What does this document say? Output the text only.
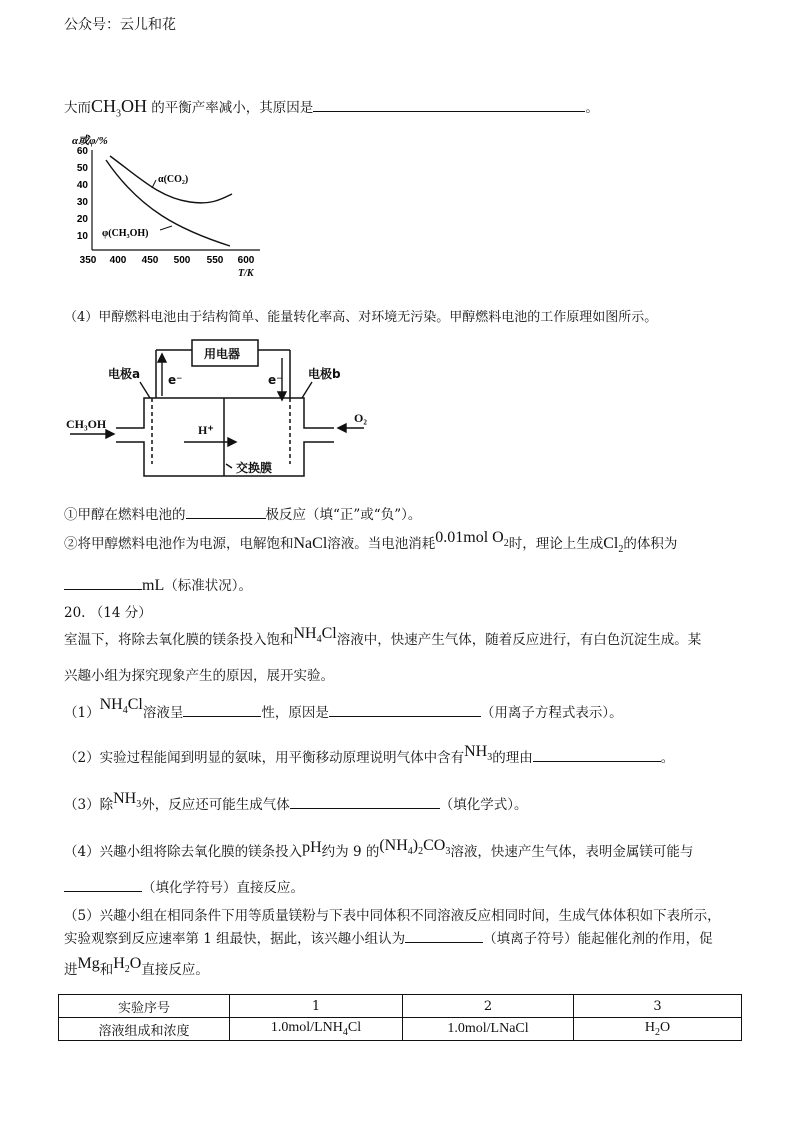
公众号：云儿和花
大而$CH_3OH$ 的平衡产率减小，其原因是	。
α或φ/%
60
50
40
30
20
10
350 400 450 500 550 600
T/K
α(CO₂)
φ(CH₃OH)
（4）甲醇燃料电池由于结构简单、能量转化率高、对环境无污染。甲醇燃料电池的工作原理如图所示。
用电器
电极a	电极b
e⁻	e⁻
CH₃OH	O₂
H⁺
交换膜
①甲醇在燃料电池的	极反应（填“正”或“负”）。
②将甲醇燃料电池作为电源，电解饱和NaCl溶液。当电池消耗0.01mol $O_2$时，理论上生成$Cl_2$的体积为
mL（标准状况）。
20. （14 分）
室温下，将除去氧化膜的镁条投入饱和$NH_4Cl$溶液中，快速产生气体，随着反应进行，有白色沉淀生成。某
兴趣小组为探究现象产生的原因，展开实验。
$(1)NH_4Cl$溶液呈	性，原因是	（用离子方程式表示）。
（2）实验过程能闻到明显的氨味，用平衡移动原理说明气体中含有$NH_3$的理由	。
（3）除$NH_3$外，反应还可能生成气体	（填化学式）。
（4）兴趣小组将除去氧化膜的镁条投入pH约为 9 的$(NH_4)_2CO_3$溶液，快速产生气体，表明金属镁可能与
（填化学符号）直接反应。
（5）兴趣小组在相同条件下用等质量镁粉与下表中同体积不同溶液反应相同时间，生成气体体积如下表所示，
实验观察到反应速率第 1 组最快，据此，该兴趣小组认为	（填离子符号）能起催化剂的作用，促
进Mg和$H_2O$直接反应。
实验序号	1	2	3
溶液组成和浓度	$1.0mol/LNH_4Cl$	1.0mol/LNaCl	$H_2O$
